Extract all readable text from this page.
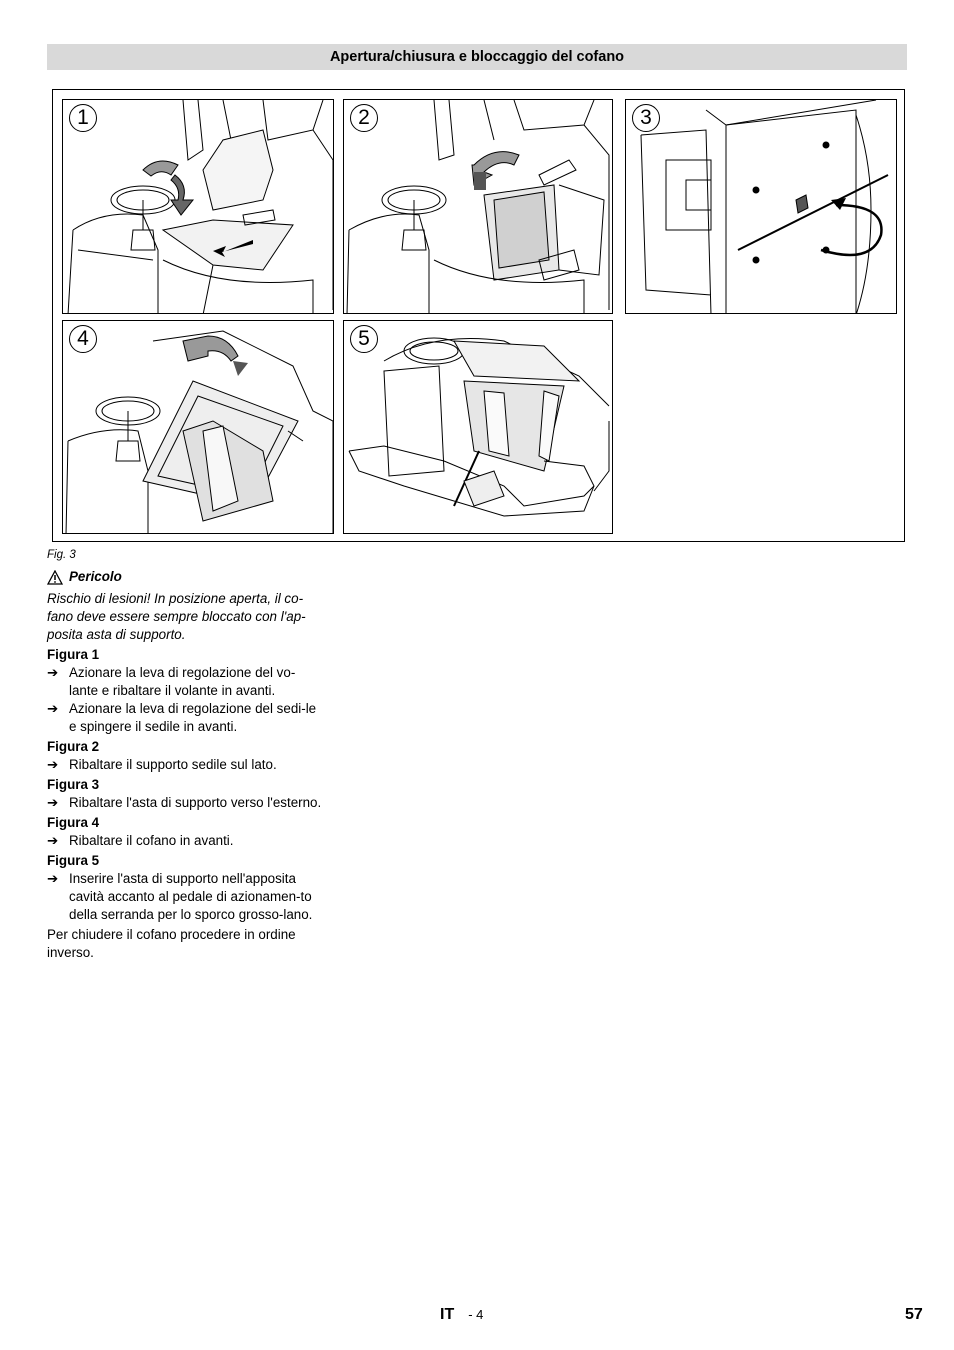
Apertura/chiusura e bloccaggio del cofano
1	2	3
4	5

Fig. 3

Pericolo

Rischio di lesioni! In posizione aperta, il co-fano deve essere sempre bloccato con l'ap-posita asta di supporto.

Figura 1

➔ Azionare la leva di regolazione del vo-lante e ribaltare il volante in avanti.

➔ Azionare la leva di regolazione del sedi-le e spingere il sedile in avanti.

Figura 2

➔ Ribaltare il supporto sedile sul lato.

Figura 3

➔ Ribaltare l'asta di supporto verso l'esterno.

Figura 4

➔ Ribaltare il cofano in avanti.

Figura 5

➔ Inserire l'asta di supporto nell'apposita cavità accanto al pedale di azionamen-to della serranda per lo sporco grosso-lano.

Per chiudere il cofano procedere in ordine inverso.

IT - 4	57
